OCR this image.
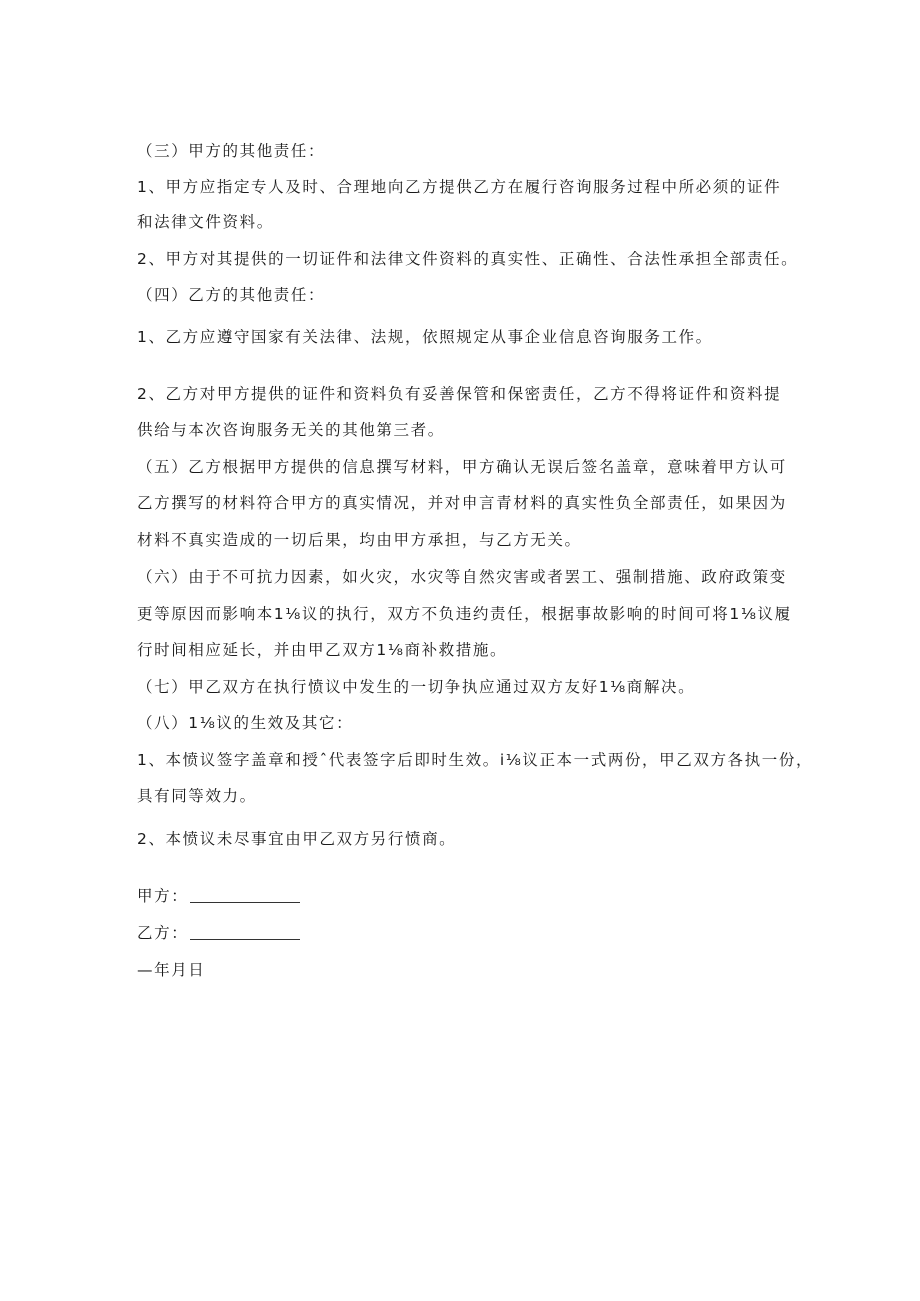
（三）甲方的其他责任：
1、甲方应指定专人及时、合理地向乙方提供乙方在履行咨询服务过程中所必须的证件
和法律文件资料。
2、甲方对其提供的一切证件和法律文件资料的真实性、正确性、合法性承担全部责任。
（四）乙方的其他责任：
1、乙方应遵守国家有关法律、法规，依照规定从事企业信息咨询服务工作。
2、乙方对甲方提供的证件和资料负有妥善保管和保密责任，乙方不得将证件和资料提
供给与本次咨询服务无关的其他第三者。
（五）乙方根据甲方提供的信息撰写材料，甲方确认无误后签名盖章，意味着甲方认可
乙方撰写的材料符合甲方的真实情况，并对申言青材料的真实性负全部责任，如果因为
材料不真实造成的一切后果，均由甲方承担，与乙方无关。
（六）由于不可抗力因素，如火灾，水灾等自然灾害或者罢工、强制措施、政府政策变
更等原因而影响本1⅛议的执行，双方不负违约责任，根据事故影响的时间可将1⅛议履
行时间相应延长，并由甲乙双方1⅛商补救措施。
（七）甲乙双方在执行愤议中发生的一切争执应通过双方友好1⅛商解决。
（八）1⅛议的生效及其它：
1、本愤议签字盖章和授ˆ代表签字后即时生效。i⅛议正本一式两份，甲乙双方各执一份，
具有同等效力。
2、本愤议未尽事宜由甲乙双方另行愤商。
甲方：
乙方：
—年月日
